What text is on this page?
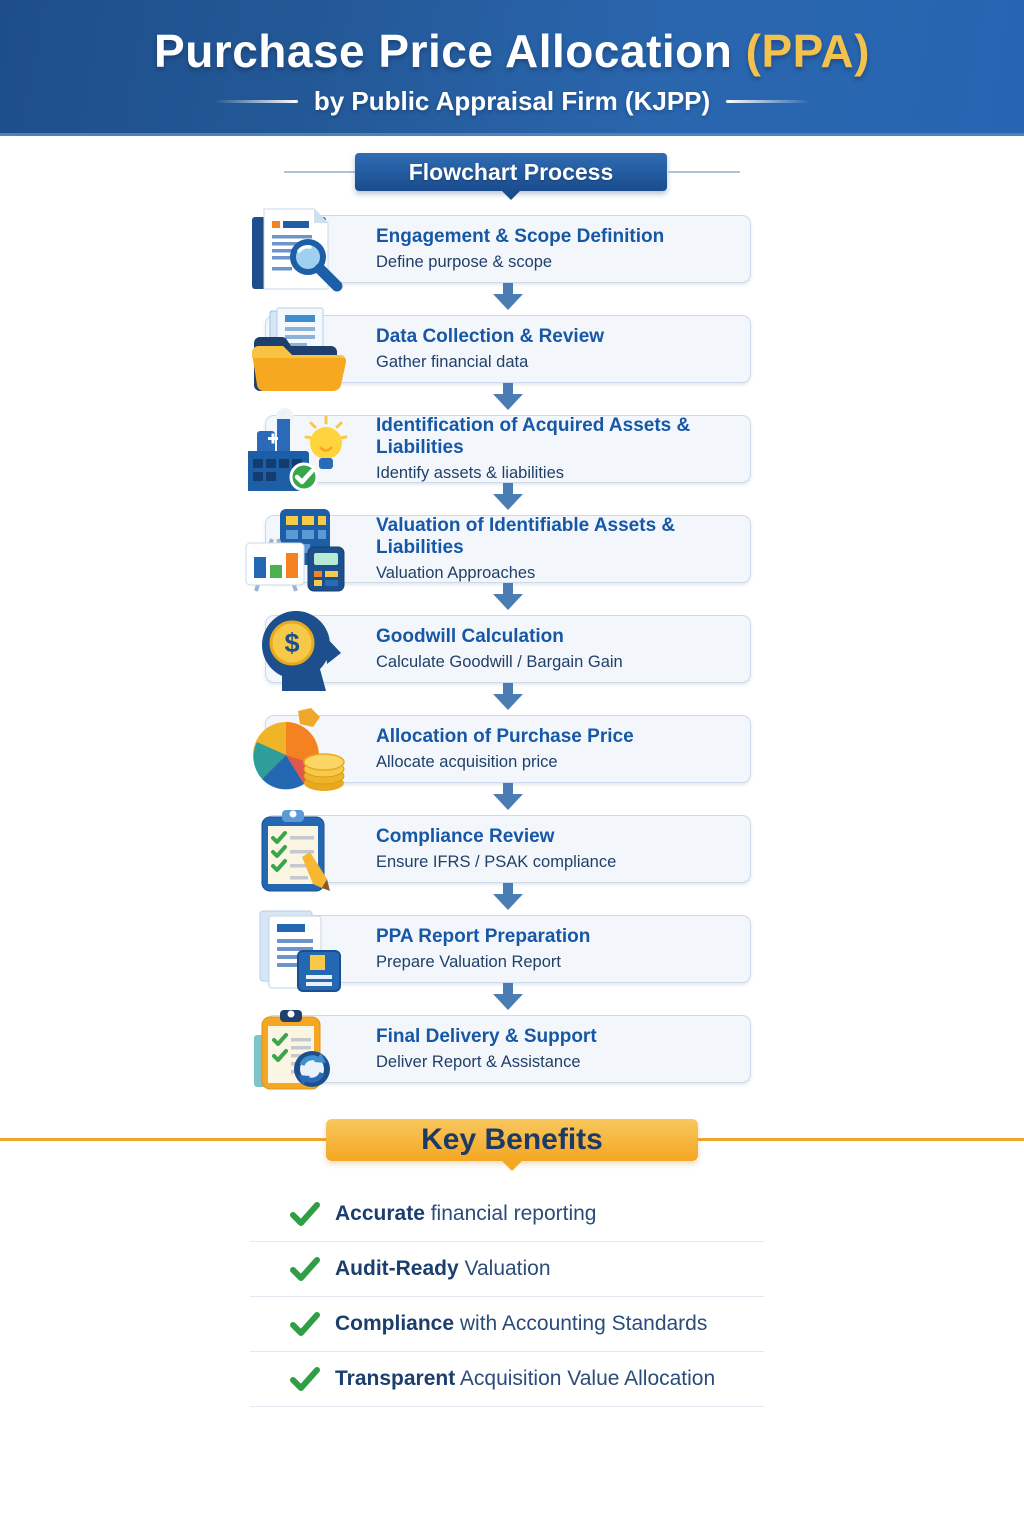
Purchase Price Allocation (PPA)
by Public Appraisal Firm (KJPP)
Flowchart Process
Engagement & Scope Definition
Define purpose & scope
Data Collection & Review
Gather financial data
Identification of Acquired Assets & Liabilities
Identify assets & liabilities
Valuation of Identifiable Assets & Liabilities
Valuation Approaches
Goodwill Calculation
Calculate Goodwill / Bargain Gain
$
Allocation of Purchase Price
Allocate acquisition price
Compliance Review
Ensure IFRS / PSAK compliance
PPA Report Preparation
Prepare Valuation Report
Final Delivery & Support
Deliver Report & Assistance
Key Benefits
Accurate financial reporting
Audit-Ready Valuation
Compliance with Accounting Standards
Transparent Acquisition Value Allocation
